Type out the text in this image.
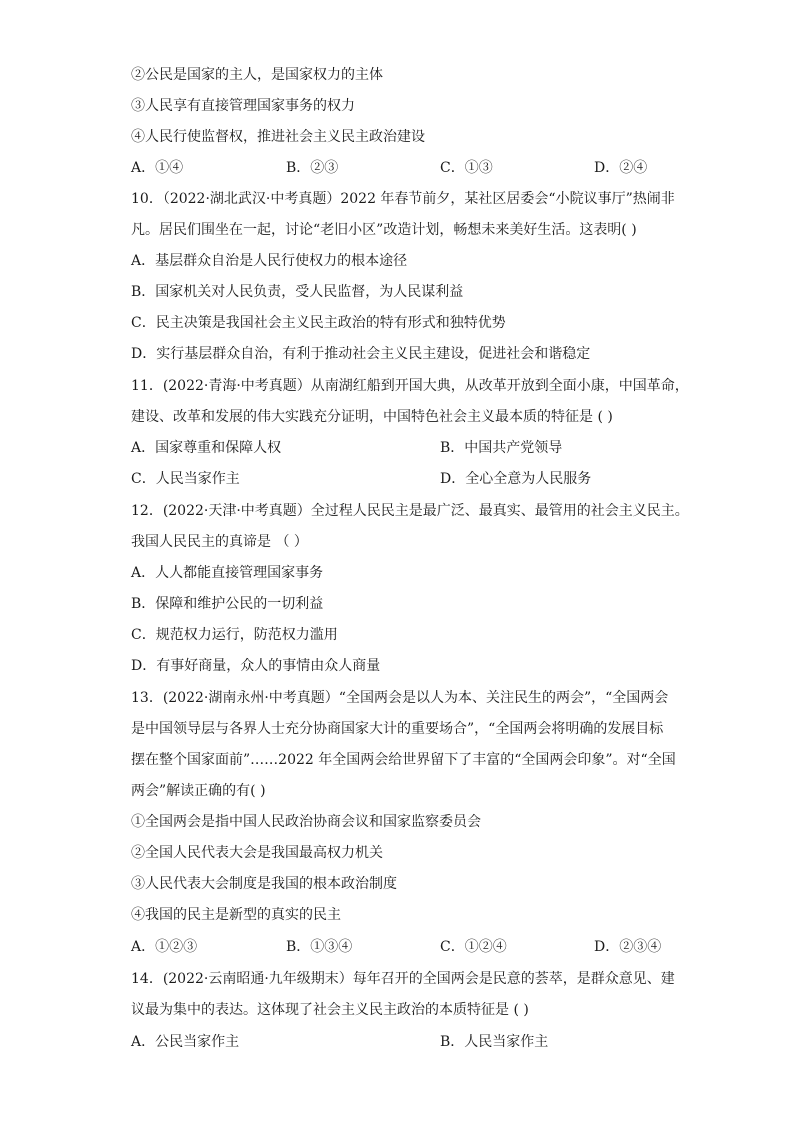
②公民是国家的主人，是国家权力的主体
③人民享有直接管理国家事务的权力
④人民行使监督权，推进社会主义民主政治建设
A．①④	B．②③	C．①③	D．②④
10．（2022·湖北武汉·中考真题）2022 年春节前夕，某社区居委会“小院议事厅”热闹非
凡。居民们围坐在一起，讨论“老旧小区”改造计划，畅想未来美好生活。这表明( )
A．基层群众自治是人民行使权力的根本途径
B．国家机关对人民负责，受人民监督，为人民谋利益
C．民主决策是我国社会主义民主政治的特有形式和独特优势
D．实行基层群众自治，有利于推动社会主义民主建设，促进社会和谐稳定
11．(2022·青海·中考真题）从南湖红船到开国大典，从改革开放到全面小康，中国革命，
建设、改革和发展的伟大实践充分证明，中国特色社会主义最本质的特征是 ( )
A．国家尊重和保障人权	B．中国共产党领导
C．人民当家作主	D．全心全意为人民服务
12．(2022·天津·中考真题）全过程人民民主是最广泛、最真实、最管用的社会主义民主。
我国人民民主的真谛是 （ ）
A．人人都能直接管理国家事务
B．保障和维护公民的一切利益
C．规范权力运行，防范权力滥用
D．有事好商量，众人的事情由众人商量
13．(2022·湖南永州·中考真题）“全国两会是以人为本、关注民生的两会”，“全国两会
是中国领导层与各界人士充分协商国家大计的重要场合”，“全国两会将明确的发展目标
摆在整个国家面前”……2022 年全国两会给世界留下了丰富的“全国两会印象”。对“全国
两会”解读正确的有( )
①全国两会是指中国人民政治协商会议和国家监察委员会
②全国人民代表大会是我国最高权力机关
③人民代表大会制度是我国的根本政治制度
④我国的民主是新型的真实的民主
A．①②③	B．①③④	C．①②④	D．②③④
14．(2022·云南昭通·九年级期末）每年召开的全国两会是民意的荟萃，是群众意见、建
议最为集中的表达。这体现了社会主义民主政治的本质特征是 ( )
A．公民当家作主	B．人民当家作主
